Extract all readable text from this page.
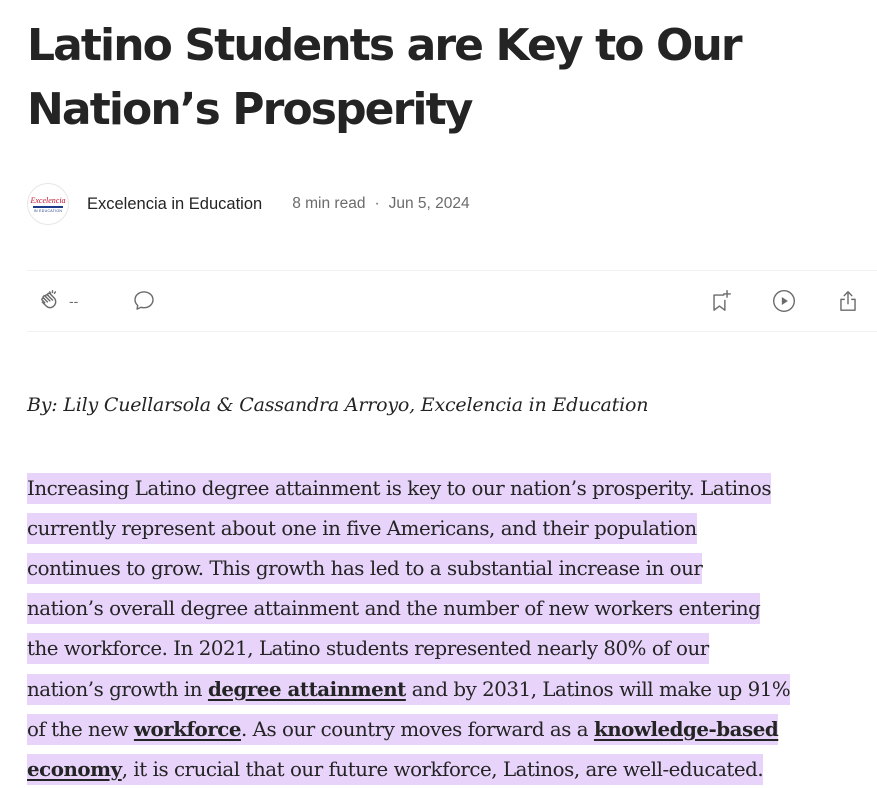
Latino Students are Key to Our
Nation’s Prosperity
Excelencia
IN EDUCATION Excelencia in Education 8 min read · Jun 5, 2024
--

By: Lily Cuellarsola & Cassandra Arroyo, Excelencia in Education

Increasing Latino degree attainment is key to our nation’s prosperity. Latinos
currently represent about one in five Americans, and their population
continues to grow. This growth has led to a substantial increase in our
nation’s overall degree attainment and the number of new workers entering
the workforce. In 2021, Latino students represented nearly 80% of our
nation’s growth in degree attainment and by 2031, Latinos will make up 91%
of the new workforce. As our country moves forward as a knowledge-based
economy, it is crucial that our future workforce, Latinos, are well-educated.
